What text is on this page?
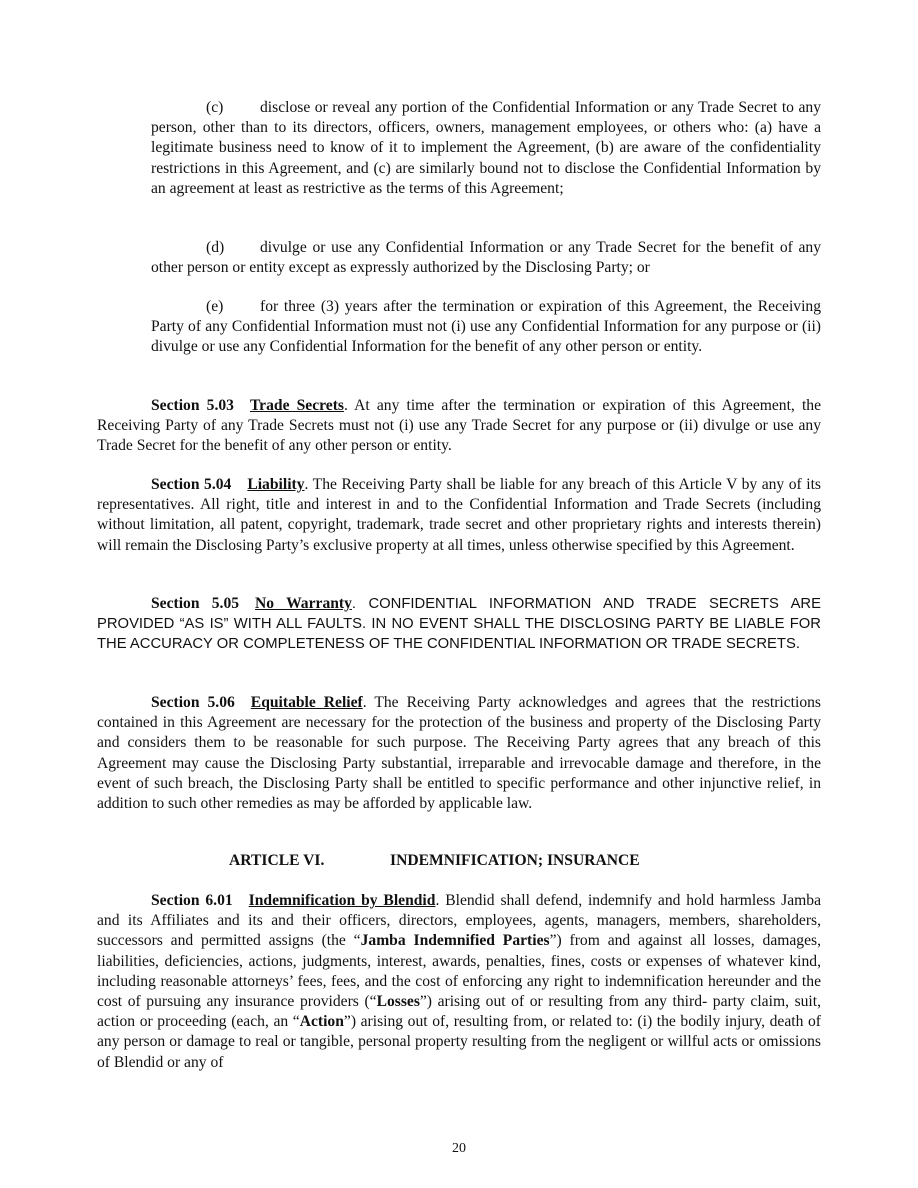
(c) disclose or reveal any portion of the Confidential Information or any Trade Secret to any person, other than to its directors, officers, owners, management employees, or others who: (a) have a legitimate business need to know of it to implement the Agreement, (b) are aware of the confidentiality restrictions in this Agreement, and (c) are similarly bound not to disclose the Confidential Information by an agreement at least as restrictive as the terms of this Agreement;

(d) divulge or use any Confidential Information or any Trade Secret for the benefit of any other person or entity except as expressly authorized by the Disclosing Party; or

(e) for three (3) years after the termination or expiration of this Agreement, the Receiving Party of any Confidential Information must not (i) use any Confidential Information for any purpose or (ii) divulge or use any Confidential Information for the benefit of any other person or entity.

Section 5.03 Trade Secrets. At any time after the termination or expiration of this Agreement, the Receiving Party of any Trade Secrets must not (i) use any Trade Secret for any purpose or (ii) divulge or use any Trade Secret for the benefit of any other person or entity.

Section 5.04 Liability. The Receiving Party shall be liable for any breach of this Article V by any of its representatives. All right, title and interest in and to the Confidential Information and Trade Secrets (including without limitation, all patent, copyright, trademark, trade secret and other proprietary rights and interests therein) will remain the Disclosing Party’s exclusive property at all times, unless otherwise specified by this Agreement.

Section 5.05 No Warranty. CONFIDENTIAL INFORMATION AND TRADE SECRETS ARE PROVIDED “AS IS” WITH ALL FAULTS. IN NO EVENT SHALL THE DISCLOSING PARTY BE LIABLE FOR THE ACCURACY OR COMPLETENESS OF THE CONFIDENTIAL INFORMATION OR TRADE SECRETS.

Section 5.06 Equitable Relief. The Receiving Party acknowledges and agrees that the restrictions contained in this Agreement are necessary for the protection of the business and property of the Disclosing Party and considers them to be reasonable for such purpose. The Receiving Party agrees that any breach of this Agreement may cause the Disclosing Party substantial, irreparable and irrevocable damage and therefore, in the event of such breach, the Disclosing Party shall be entitled to specific performance and other injunctive relief, in addition to such other remedies as may be afforded by applicable law.

ARTICLE VI.	INDEMNIFICATION; INSURANCE

Section 6.01 Indemnification by Blendid. Blendid shall defend, indemnify and hold harmless Jamba and its Affiliates and its and their officers, directors, employees, agents, managers, members, shareholders, successors and permitted assigns (the “Jamba Indemnified Parties”) from and against all losses, damages, liabilities, deficiencies, actions, judgments, interest, awards, penalties, fines, costs or expenses of whatever kind, including reasonable attorneys’ fees, fees, and the cost of enforcing any right to indemnification hereunder and the cost of pursuing any insurance providers (“Losses”) arising out of or resulting from any third- party claim, suit, action or proceeding (each, an “Action”) arising out of, resulting from, or related to: (i) the bodily injury, death of any person or damage to real or tangible, personal property resulting from the negligent or willful acts or omissions of Blendid or any of

20
